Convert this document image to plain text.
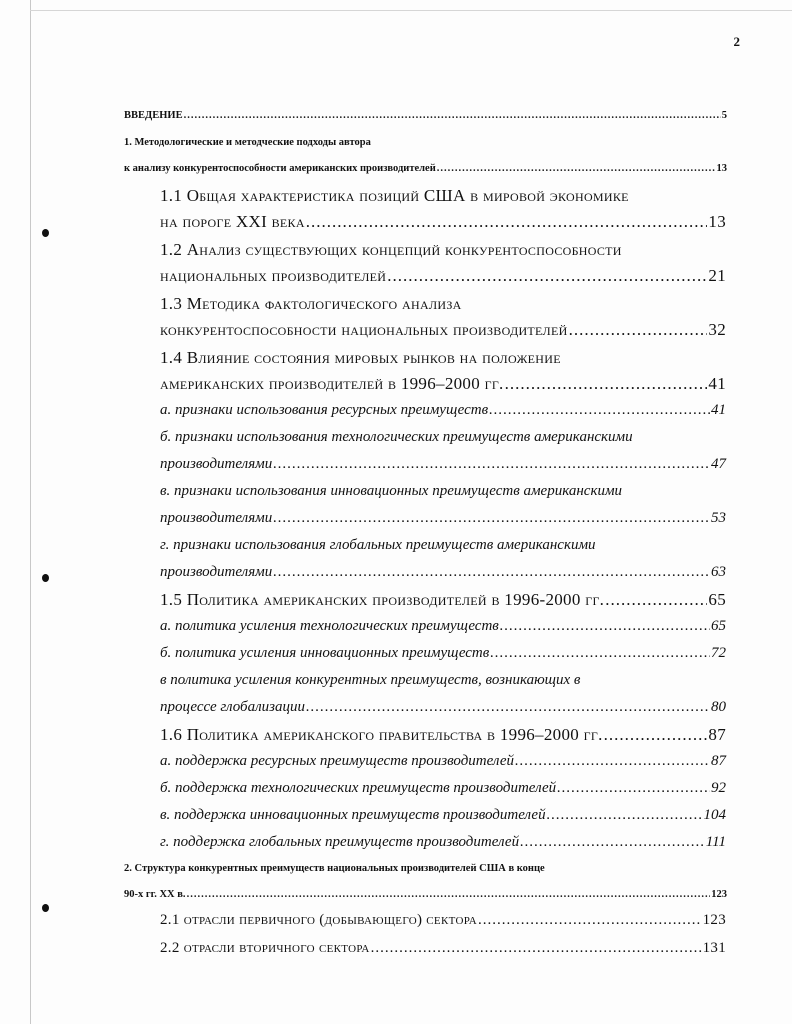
2
ВВЕДЕНИЕ .....	5
1. Методологические и методческие подходы автора
к анализу конкурентоспособности американских производителей .....	13
1.1 Общая характеристика позиций США в мировой экономике
на пороге XXI века .....	13
1.2 Анализ существующих концепций конкурентоспособности
национальных производителей .....	21
1.3 Методика фактологического анализа
конкурентоспособности национальных производителей .....	32
1.4 Влияние состояния мировых рынков на положение
американских производителей в 1996–2000 гг. .....	41
а. признаки использования ресурсных преимуществ .....	41
б. признаки использования технологических преимуществ американскими
производителями .....	47
в. признаки использования инновационных преимуществ американскими
производителями .....	53
г. признаки использования глобальных преимуществ американскими
производителями .....	63
1.5 Политика американских производителей в 1996-2000 гг. .....	65
а. политика усиления технологических преимуществ .....	65
б. политика усиления инновационных преимуществ .....	72
в политика усиления конкурентных преимуществ, возникающих в
процессе глобализации .....	80
1.6 Политика американского правительства в 1996–2000 гг. .....	87
а. поддержка ресурсных преимуществ производителей .....	87
б. поддержка технологических преимуществ производителей .....	92
в. поддержка инновационных преимуществ производителей .....	104
г. поддержка глобальных преимуществ производителей .....	111
2. Структура конкурентных преимуществ национальных производителей США в конце
90-х гг. XX в. .....	123
2.1 отрасли первичного (добывающего) сектора .....	123
2.2 отрасли вторичного сектора .....	131
